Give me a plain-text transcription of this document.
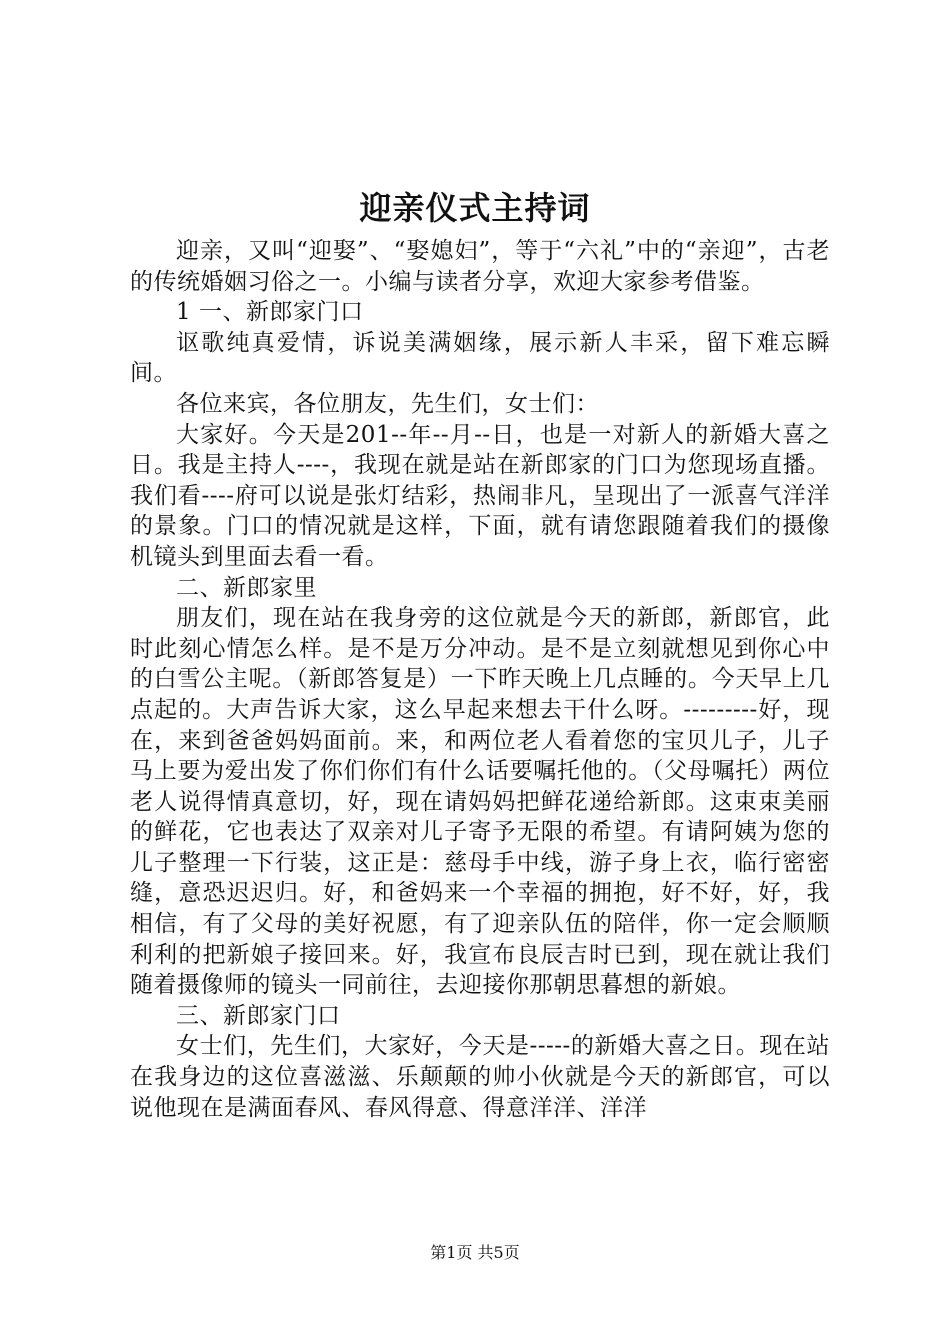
迎亲仪式主持词

迎亲，又叫“迎娶”、“娶媳妇”，等于“六礼”中的“亲迎”，古老的传统婚姻习俗之一。小编与读者分享，欢迎大家参考借鉴。

1 一、新郎家门口

讴歌纯真爱情，诉说美满姻缘，展示新人丰采，留下难忘瞬间。

各位来宾，各位朋友，先生们，女士们：

大家好。今天是201--年--月--日，也是一对新人的新婚大喜之日。我是主持人----，我现在就是站在新郎家的门口为您现场直播。我们看----府可以说是张灯结彩，热闹非凡，呈现出了一派喜气洋洋的景象。门口的情况就是这样，下面，就有请您跟随着我们的摄像机镜头到里面去看一看。

二、新郎家里

朋友们，现在站在我身旁的这位就是今天的新郎，新郎官，此时此刻心情怎么样。是不是万分冲动。是不是立刻就想见到你心中的白雪公主呢。（新郎答复是）一下昨天晚上几点睡的。今天早上几点起的。大声告诉大家，这么早起来想去干什么呀。---------好，现在，来到爸爸妈妈面前。来，和两位老人看着您的宝贝儿子，儿子马上要为爱出发了你们你们有什么话要嘱托他的。（父母嘱托）两位老人说得情真意切，好，现在请妈妈把鲜花递给新郎。这束束美丽的鲜花，它也表达了双亲对儿子寄予无限的希望。有请阿姨为您的儿子整理一下行装，这正是：慈母手中线，游子身上衣，临行密密缝，意恐迟迟归。好，和爸妈来一个幸福的拥抱，好不好，好，我相信，有了父母的美好祝愿，有了迎亲队伍的陪伴，你一定会顺顺利利的把新娘子接回来。好，我宣布良辰吉时已到，现在就让我们随着摄像师的镜头一同前往，去迎接你那朝思暮想的新娘。

三、新郎家门口

女士们，先生们，大家好，今天是-----的新婚大喜之日。现在站在我身边的这位喜滋滋、乐颠颠的帅小伙就是今天的新郎官，可以说他现在是满面春风、春风得意、得意洋洋、洋洋

第1页 共5页
